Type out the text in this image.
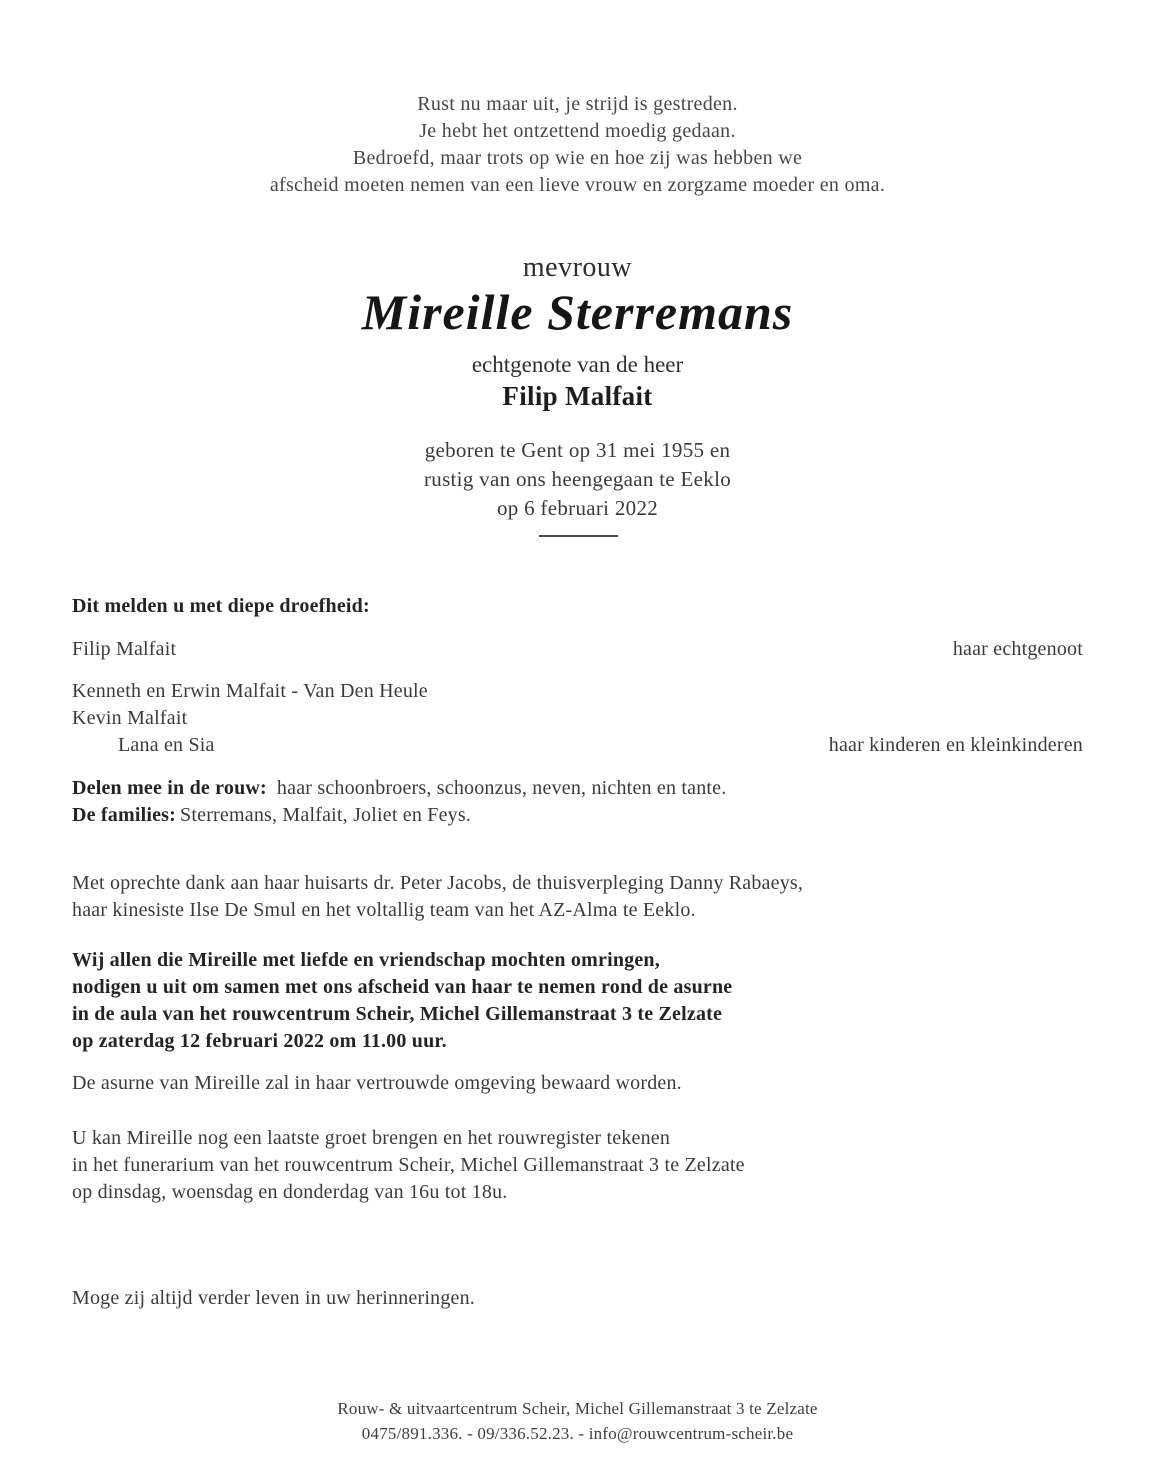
Rust nu maar uit, je strijd is gestreden.
Je hebt het ontzettend moedig gedaan.
Bedroefd, maar trots op wie en hoe zij was hebben we
afscheid moeten nemen van een lieve vrouw en zorgzame moeder en oma.
mevrouw
Mireille Sterremans
echtgenote van de heer
Filip Malfait
geboren te Gent op 31 mei 1955 en
rustig van ons heengegaan te Eeklo
op 6 februari 2022
Dit melden u met diepe droefheid:
Filip Malfait	haar echtgenoot
Kenneth en Erwin Malfait - Van Den Heule
Kevin Malfait
Lana en Sia	haar kinderen en kleinkinderen
Delen mee in de rouw: haar schoonbroers, schoonzus, neven, nichten en tante.
De families: Sterremans, Malfait, Joliet en Feys.
Met oprechte dank aan haar huisarts dr. Peter Jacobs, de thuisverpleging Danny Rabaeys,
haar kinesiste Ilse De Smul en het voltallig team van het AZ-Alma te Eeklo.
Wij allen die Mireille met liefde en vriendschap mochten omringen,
nodigen u uit om samen met ons afscheid van haar te nemen rond de asurne
in de aula van het rouwcentrum Scheir, Michel Gillemanstraat 3 te Zelzate
op zaterdag 12 februari 2022 om 11.00 uur.
De asurne van Mireille zal in haar vertrouwde omgeving bewaard worden.
U kan Mireille nog een laatste groet brengen en het rouwregister tekenen
in het funerarium van het rouwcentrum Scheir, Michel Gillemanstraat 3 te Zelzate
op dinsdag, woensdag en donderdag van 16u tot 18u.
Moge zij altijd verder leven in uw herinneringen.
Rouw- & uitvaartcentrum Scheir, Michel Gillemanstraat 3 te Zelzate
0475/891.336. - 09/336.52.23. - info@rouwcentrum-scheir.be
